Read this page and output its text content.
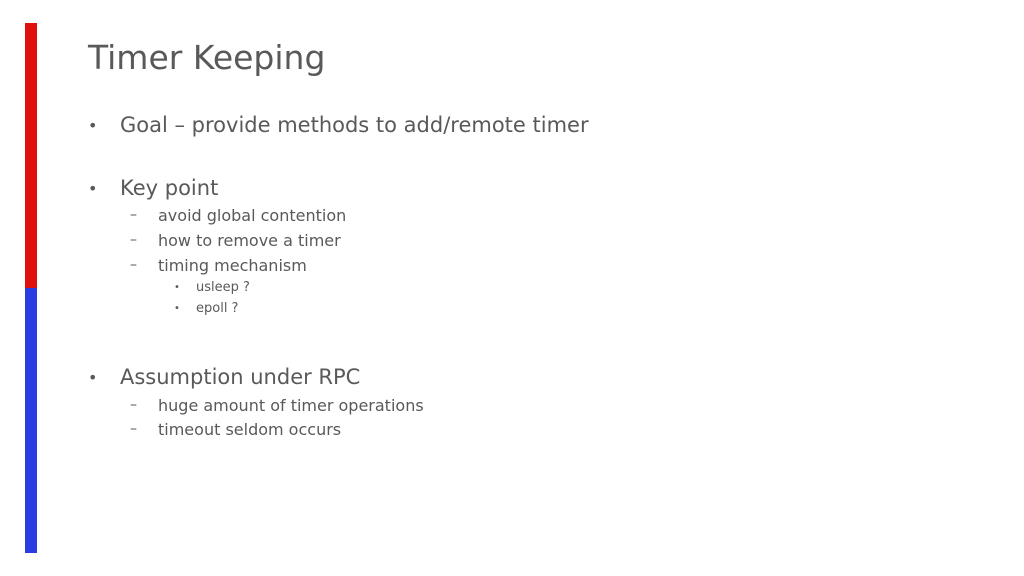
Timer Keeping
• Goal – provide methods to add/remote timer
• Key point
– avoid global contention
– how to remove a timer
– timing mechanism
• usleep ?
• epoll ?
• Assumption under RPC
– huge amount of timer operations
– timeout seldom occurs
